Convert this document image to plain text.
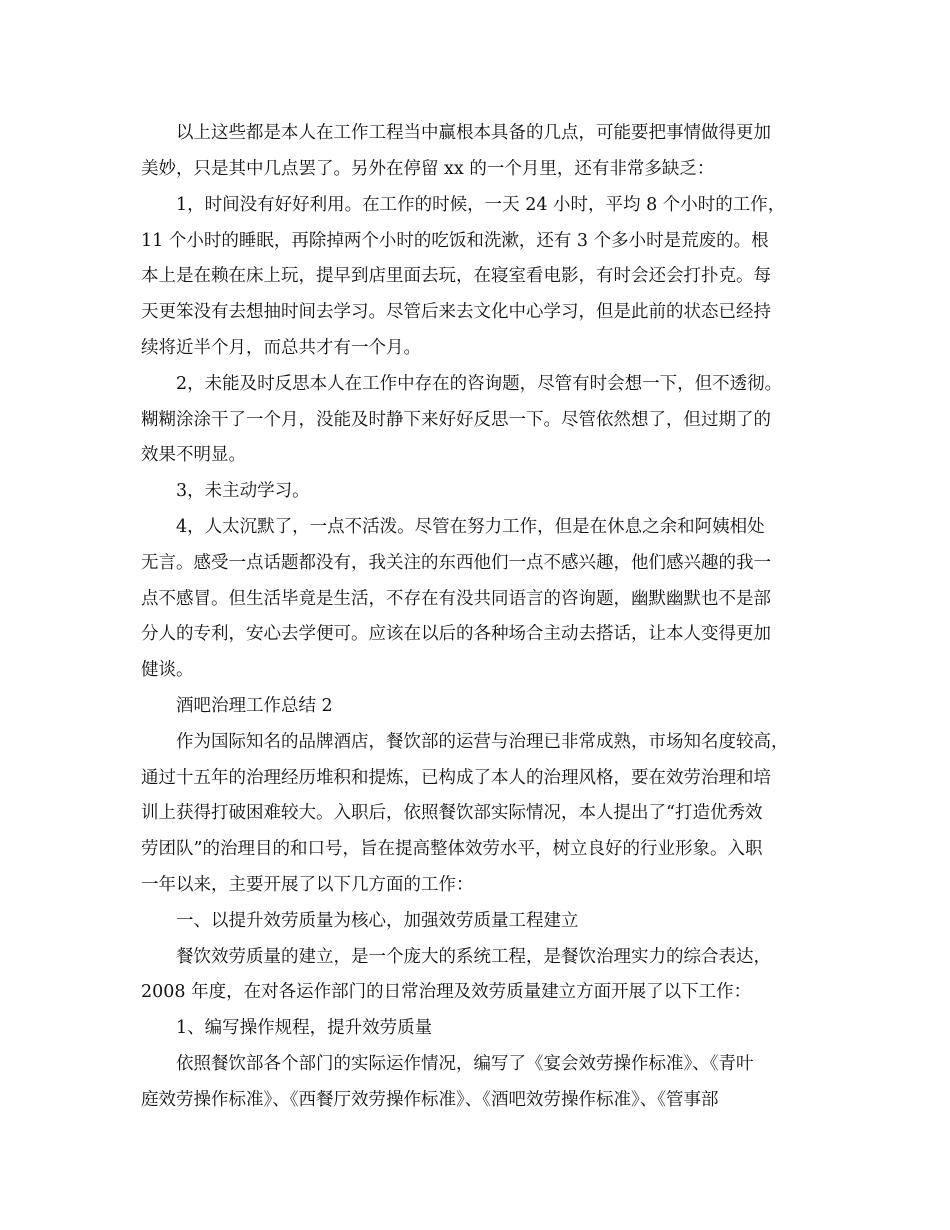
以上这些都是本人在工作工程当中赢根本具备的几点，可能要把事情做得更加

美妙，只是其中几点罢了。另外在停留 xx 的一个月里，还有非常多缺乏：

1，时间没有好好利用。在工作的时候，一天 24 小时，平均 8 个小时的工作，

11 个小时的睡眠，再除掉两个小时的吃饭和洗漱，还有 3 个多小时是荒废的。根

本上是在赖在床上玩，提早到店里面去玩，在寝室看电影，有时会还会打扑克。每

天更笨没有去想抽时间去学习。尽管后来去文化中心学习，但是此前的状态已经持

续将近半个月，而总共才有一个月。

2，未能及时反思本人在工作中存在的咨询题，尽管有时会想一下，但不透彻。

糊糊涂涂干了一个月，没能及时静下来好好反思一下。尽管依然想了，但过期了的

效果不明显。

3，未主动学习。

4，人太沉默了，一点不活泼。尽管在努力工作，但是在休息之余和阿姨相处

无言。感受一点话题都没有，我关注的东西他们一点不感兴趣，他们感兴趣的我一

点不感冒。但生活毕竟是生活，不存在有没共同语言的咨询题，幽默幽默也不是部

分人的专利，安心去学便可。应该在以后的各种场合主动去搭话，让本人变得更加

健谈。

酒吧治理工作总结 2

作为国际知名的品牌酒店，餐饮部的运营与治理已非常成熟，市场知名度较高，

通过十五年的治理经历堆积和提炼，已构成了本人的治理风格，要在效劳治理和培

训上获得打破困难较大。入职后，依照餐饮部实际情况，本人提出了“打造优秀效

劳团队”的治理目的和口号，旨在提高整体效劳水平，树立良好的行业形象。入职

一年以来，主要开展了以下几方面的工作：

一、以提升效劳质量为核心，加强效劳质量工程建立

餐饮效劳质量的建立，是一个庞大的系统工程，是餐饮治理实力的综合表达，

2008 年度，在对各运作部门的日常治理及效劳质量建立方面开展了以下工作：

1、编写操作规程，提升效劳质量

依照餐饮部各个部门的实际运作情况，编写了《宴会效劳操作标准》、《青叶

庭效劳操作标准》、《西餐厅效劳操作标准》、《酒吧效劳操作标准》、《管事部
